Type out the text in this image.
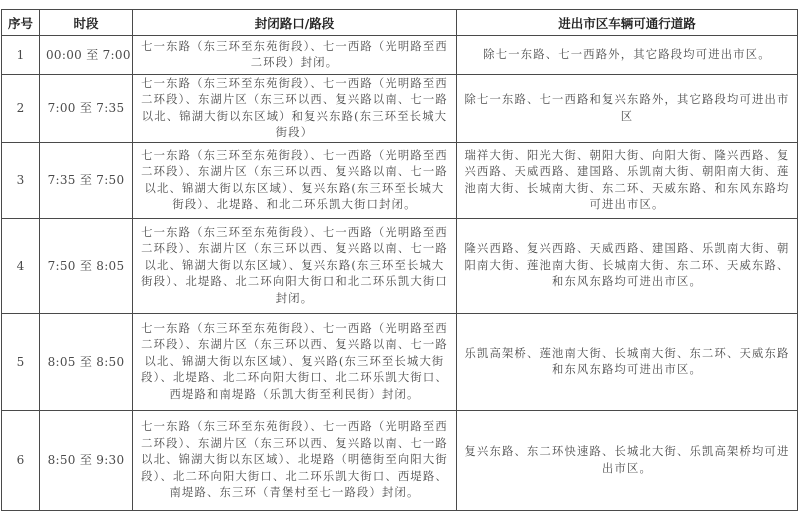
序号	时段	封闭路口/路段	进出市区车辆可通行道路
1	00:00 至 7:00	七一东路（东三环至东苑街段）、七一西路（光明路至西二环段）封闭。	除七一东路、七一西路外，其它路段均可进出市区。
2	7:00 至 7:35	七一东路（东三环至东苑街段）、七一西路（光明路至西二环段）、东湖片区（东三环以西、复兴路以南、七一路以北、锦湖大街以东区域）和复兴东路(东三环至长城大街段）	除七一东路、七一西路和复兴东路外，其它路段均可进出市区
3	7:35 至 7:50	七一东路（东三环至东苑街段）、七一西路（光明路至西二环段）、东湖片区（东三环以西、复兴路以南、七一路以北、锦湖大街以东区域）、复兴东路(东三环至长城大街段）、北堤路、和北二环乐凯大街口封闭。	瑞祥大街、阳光大街、朝阳大街、向阳大街、隆兴西路、复兴西路、天威西路、建国路、乐凯南大街、朝阳南大街、莲池南大街、长城南大街、东二环、天威东路、和东风东路均可进出市区。
4	7:50 至 8:05	七一东路（东三环至东苑街段）、七一西路（光明路至西二环段）、东湖片区（东三环以西、复兴路以南、七一路以北、锦湖大街以东区域）、复兴东路(东三环至长城大街段）、北堤路、北二环向阳大街口和北二环乐凯大街口封闭。	隆兴西路、复兴西路、天威西路、建国路、乐凯南大街、朝阳南大街、莲池南大街、长城南大街、东二环、天威东路、和东风东路均可进出市区。
5	8:05 至 8:50	七一东路（东三环至东苑街段）、七一西路（光明路至西二环段）、东湖片区（东三环以西、复兴路以南、七一路以北、锦湖大街以东区域）、复兴路(东三环至长城大街段）、北堤路、北二环向阳大街口、北二环乐凯大街口、西堤路和南堤路（乐凯大街至利民街）封闭。	乐凯高架桥、莲池南大街、长城南大街、东二环、天威东路和东风东路均可进出市区。
6	8:50 至 9:30	七一东路（东三环至东苑街段）、七一西路（光明路至西二环段）、东湖片区（东三环以西、复兴路以南、七一路以北、锦湖大街以东区域）、北堤路（明德街至向阳大街段）、北二环向阳大街口、北二环乐凯大街口、西堤路、南堤路、东三环（青堡村至七一路段）封闭。	复兴东路、东二环快速路、长城北大街、乐凯高架桥均可进出市区。
